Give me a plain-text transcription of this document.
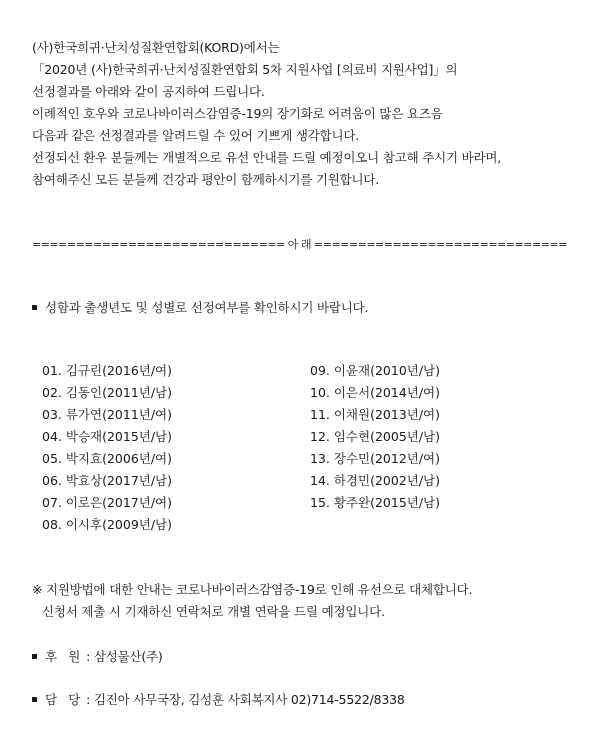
(사)한국희귀·난치성질환연합회(KORD)에서는
「2020년 (사)한국희귀·난치성질환연합회 5차 지원사업 [의료비 지원사업]」의
선정결과를 아래와 같이 공지하여 드립니다.
이례적인 호우와 코로나바이러스감염증-19의 장기화로 어려움이 많은 요즈음
다음과 같은 선정결과를 알려드릴 수 있어 기쁘게 생각합니다.
선정되신 환우 분들께는 개별적으로 유선 안내를 드릴 예정이오니 참고해 주시기 바라며,
참여해주신 모든 분들께 건강과 평안이 함께하시기를 기원합니다.
============================= 아 래 =============================
성함과 출생년도 및 성별로 선정여부를 확인하시기 바랍니다.
01. 김규린(2016년/여)
02. 김동인(2011년/남)
03. 류가연(2011년/여)
04. 박승재(2015년/남)
05. 박지효(2006년/여)
06. 박효상(2017년/남)
07. 이로은(2017년/여)
08. 이시후(2009년/남)
09. 이윤재(2010년/남)
10. 이은서(2014년/여)
11. 이채원(2013년/여)
12. 임수현(2005년/남)
13. 장수민(2012년/여)
14. 하경민(2002년/남)
15. 황주완(2015년/남)
※ 지원방법에 대한 안내는 코로나바이러스감염증-19로 인해 유선으로 대체합니다.
신청서 제출 시 기재하신 연락처로 개별 연락을 드릴 예정입니다.
후   원 : 삼성물산(주)
담   당 : 김진아 사무국장, 김성훈 사회복지사 02)714-5522/8338
